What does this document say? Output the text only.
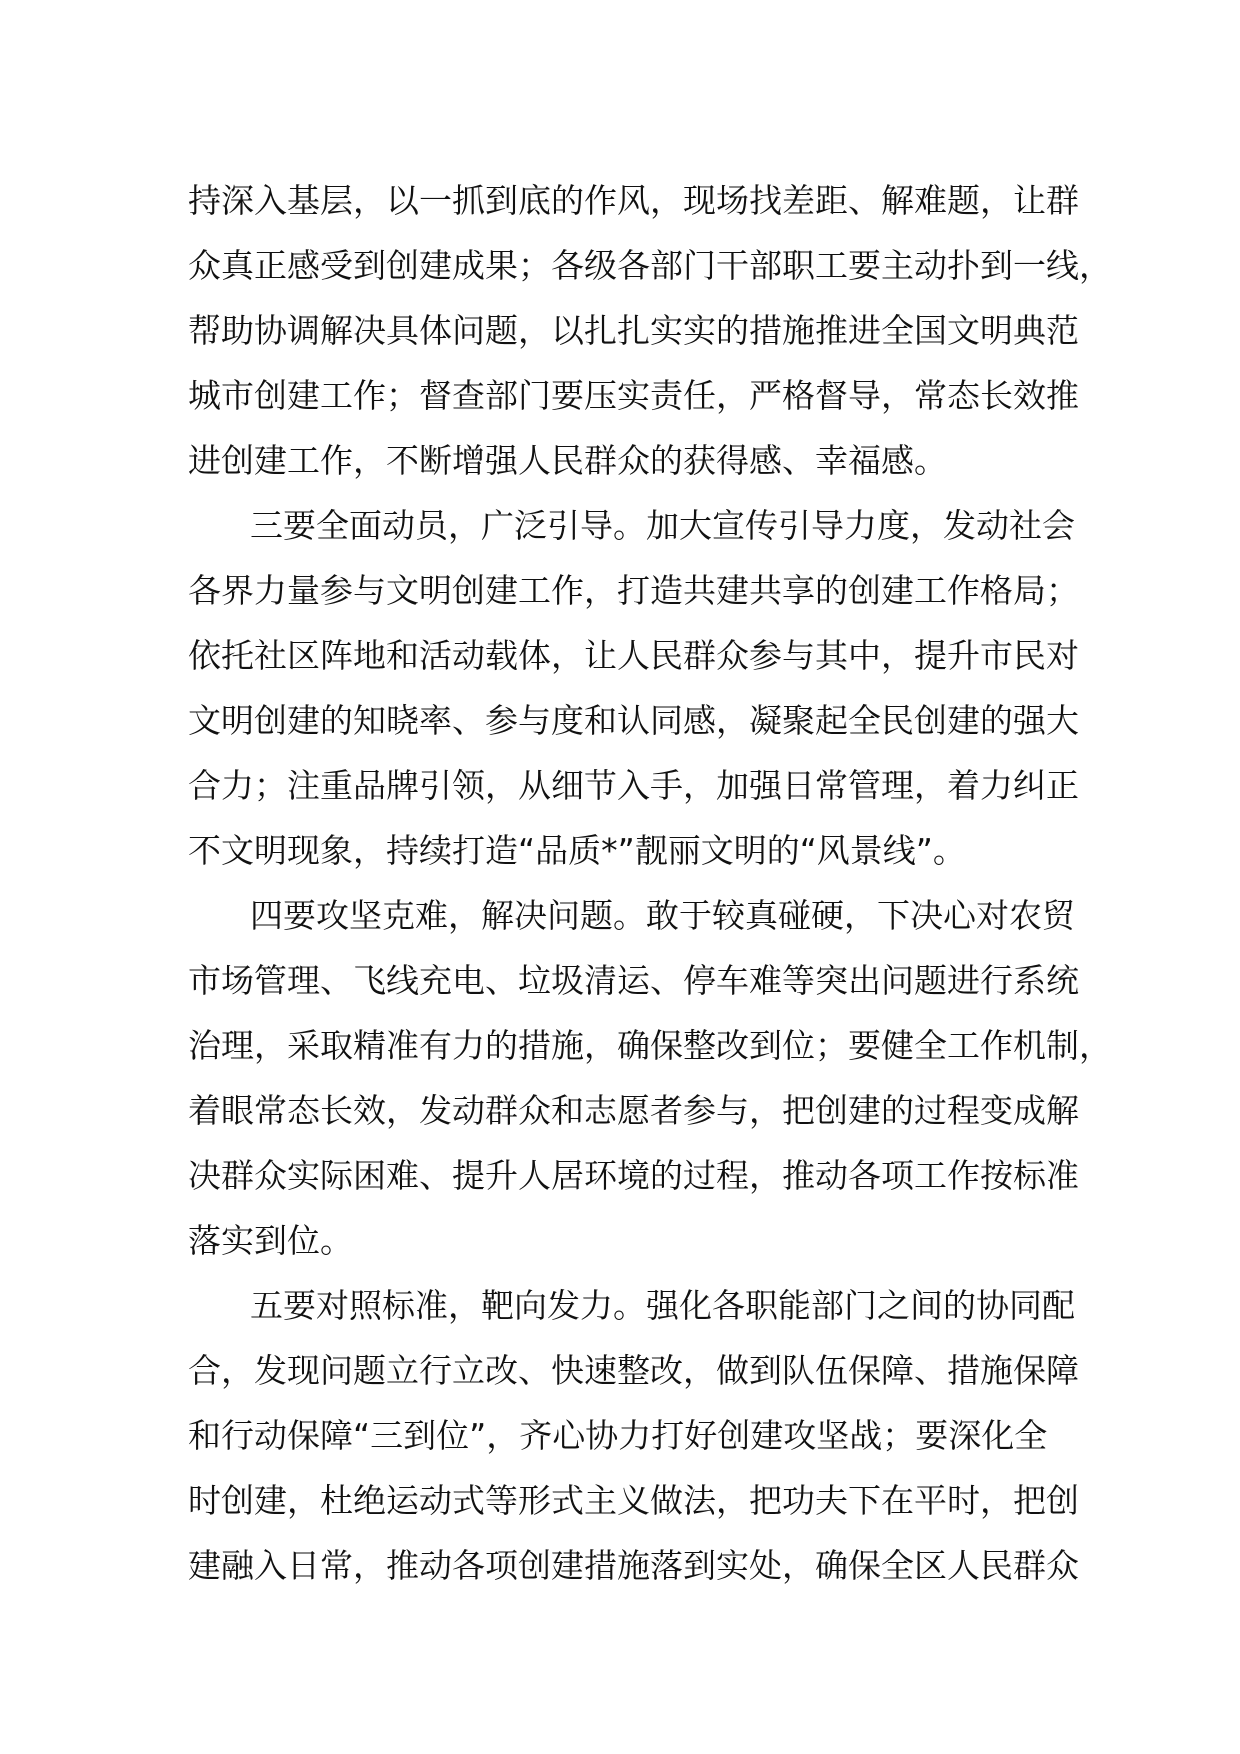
持深入基层，以一抓到底的作风，现场找差距、解难题，让群
众真正感受到创建成果；各级各部门干部职工要主动扑到一线，
帮助协调解决具体问题，以扎扎实实的措施推进全国文明典范
城市创建工作；督查部门要压实责任，严格督导，常态长效推
进创建工作，不断增强人民群众的获得感、幸福感。
三要全面动员，广泛引导。加大宣传引导力度，发动社会
各界力量参与文明创建工作，打造共建共享的创建工作格局；
依托社区阵地和活动载体，让人民群众参与其中，提升市民对
文明创建的知晓率、参与度和认同感，凝聚起全民创建的强大
合力；注重品牌引领，从细节入手，加强日常管理，着力纠正
不文明现象，持续打造“品质*”靓丽文明的“风景线”。
四要攻坚克难，解决问题。敢于较真碰硬，下决心对农贸
市场管理、飞线充电、垃圾清运、停车难等突出问题进行系统
治理，采取精准有力的措施，确保整改到位；要健全工作机制，
着眼常态长效，发动群众和志愿者参与，把创建的过程变成解
决群众实际困难、提升人居环境的过程，推动各项工作按标准
落实到位。
五要对照标准，靶向发力。强化各职能部门之间的协同配
合，发现问题立行立改、快速整改，做到队伍保障、措施保障
和行动保障“三到位”，齐心协力打好创建攻坚战；要深化全
时创建，杜绝运动式等形式主义做法，把功夫下在平时，把创
建融入日常，推动各项创建措施落到实处，确保全区人民群众
